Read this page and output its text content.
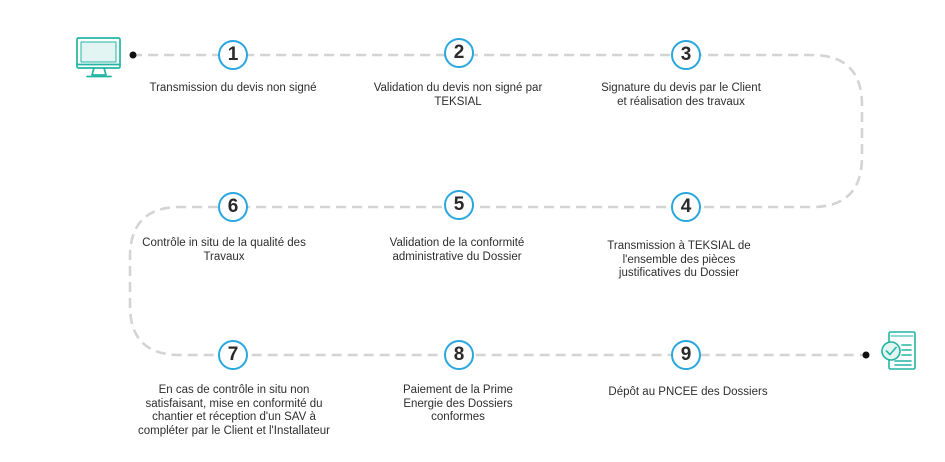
1
Transmission du devis non signé
2
Validation du devis non signé par TEKSIAL
3
Signature du devis par le Client et réalisation des travaux
6
Contrôle in situ de la qualité des Travaux
5
Validation de la conformité administrative du Dossier
4
Transmission à TEKSIAL de l'ensemble des pièces justificatives du Dossier
7
En cas de contrôle in situ non satisfaisant, mise en conformité du chantier et réception d'un SAV à compléter par le Client et l'Installateur
8
Paiement de la Prime Energie des Dossiers conformes
9
Dépôt au PNCEE des Dossiers
